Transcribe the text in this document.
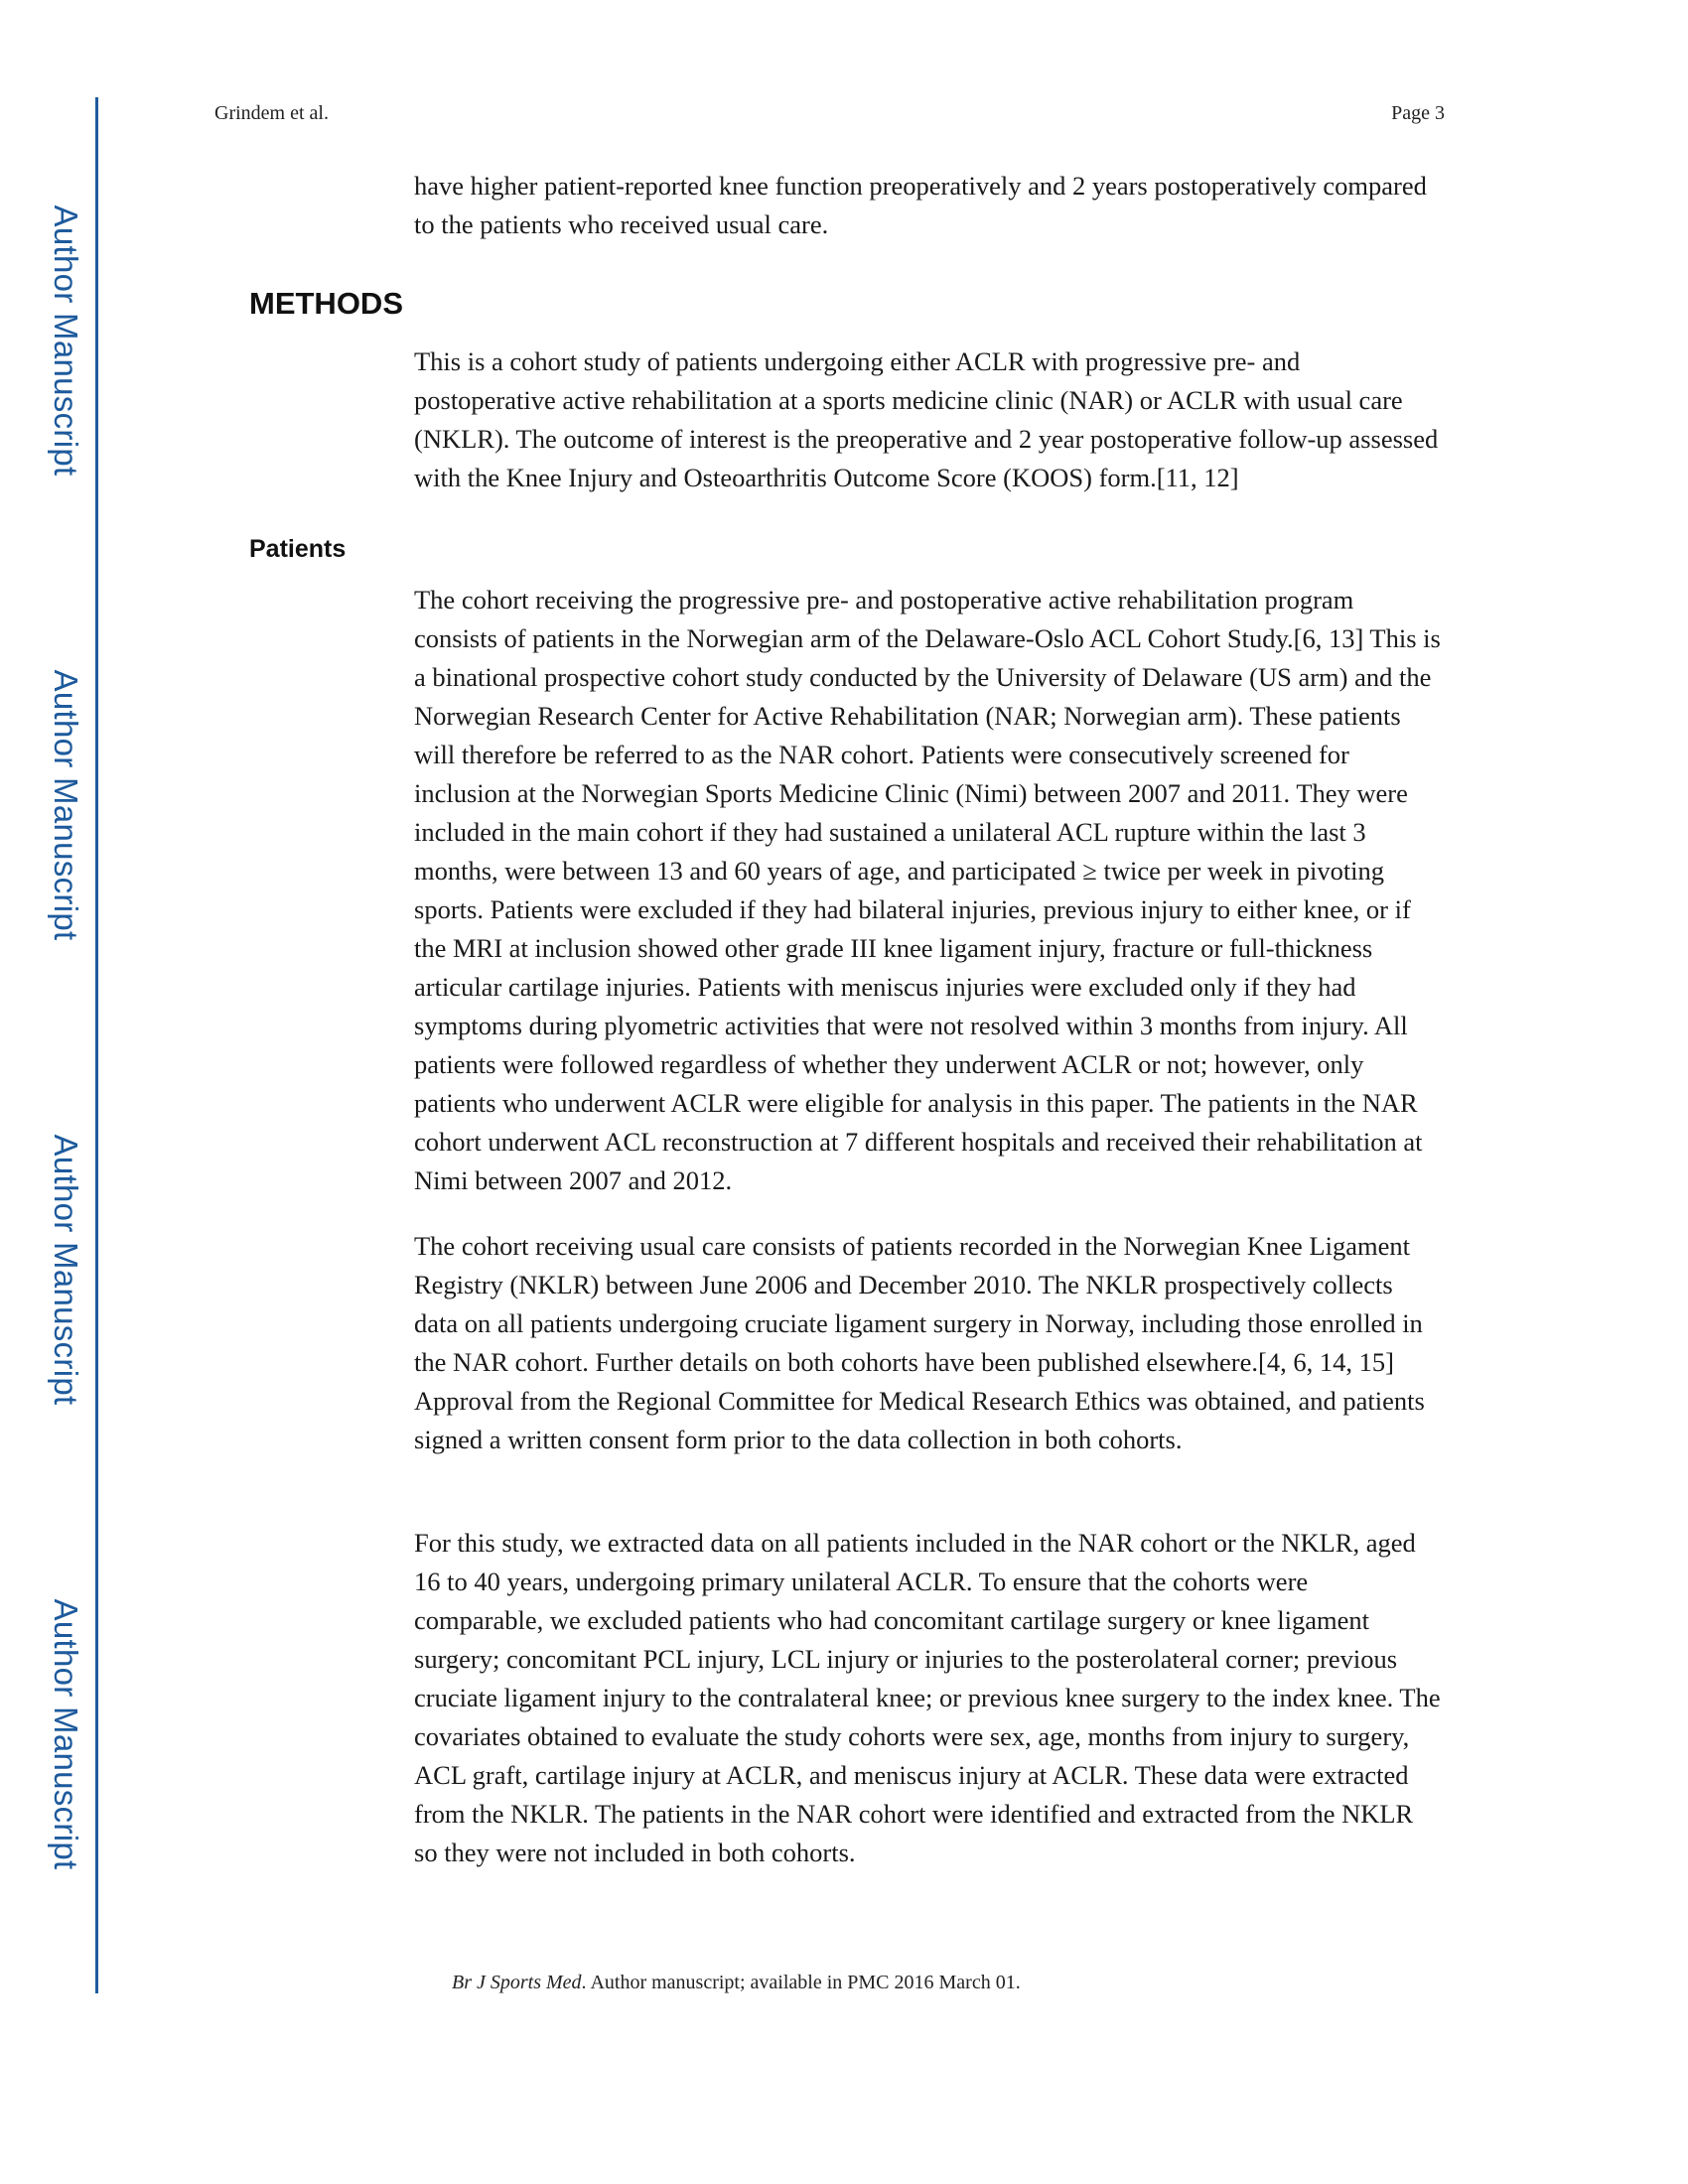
Author Manuscript
Author Manuscript
Author Manuscript
Author Manuscript
Grindem et al.	Page 3

have higher patient-reported knee function preoperatively and 2 years postoperatively compared to the patients who received usual care.

METHODS

This is a cohort study of patients undergoing either ACLR with progressive pre- and postoperative active rehabilitation at a sports medicine clinic (NAR) or ACLR with usual care (NKLR). The outcome of interest is the preoperative and 2 year postoperative follow-up assessed with the Knee Injury and Osteoarthritis Outcome Score (KOOS) form.[11, 12]

Patients

The cohort receiving the progressive pre- and postoperative active rehabilitation program consists of patients in the Norwegian arm of the Delaware-Oslo ACL Cohort Study.[6, 13] This is a binational prospective cohort study conducted by the University of Delaware (US arm) and the Norwegian Research Center for Active Rehabilitation (NAR; Norwegian arm). These patients will therefore be referred to as the NAR cohort. Patients were consecutively screened for inclusion at the Norwegian Sports Medicine Clinic (Nimi) between 2007 and 2011. They were included in the main cohort if they had sustained a unilateral ACL rupture within the last 3 months, were between 13 and 60 years of age, and participated ≥ twice per week in pivoting sports. Patients were excluded if they had bilateral injuries, previous injury to either knee, or if the MRI at inclusion showed other grade III knee ligament injury, fracture or full-thickness articular cartilage injuries. Patients with meniscus injuries were excluded only if they had symptoms during plyometric activities that were not resolved within 3 months from injury. All patients were followed regardless of whether they underwent ACLR or not; however, only patients who underwent ACLR were eligible for analysis in this paper. The patients in the NAR cohort underwent ACL reconstruction at 7 different hospitals and received their rehabilitation at Nimi between 2007 and 2012.

The cohort receiving usual care consists of patients recorded in the Norwegian Knee Ligament Registry (NKLR) between June 2006 and December 2010. The NKLR prospectively collects data on all patients undergoing cruciate ligament surgery in Norway, including those enrolled in the NAR cohort. Further details on both cohorts have been published elsewhere.[4, 6, 14, 15] Approval from the Regional Committee for Medical Research Ethics was obtained, and patients signed a written consent form prior to the data collection in both cohorts.

For this study, we extracted data on all patients included in the NAR cohort or the NKLR, aged 16 to 40 years, undergoing primary unilateral ACLR. To ensure that the cohorts were comparable, we excluded patients who had concomitant cartilage surgery or knee ligament surgery; concomitant PCL injury, LCL injury or injuries to the posterolateral corner; previous cruciate ligament injury to the contralateral knee; or previous knee surgery to the index knee. The covariates obtained to evaluate the study cohorts were sex, age, months from injury to surgery, ACL graft, cartilage injury at ACLR, and meniscus injury at ACLR. These data were extracted from the NKLR. The patients in the NAR cohort were identified and extracted from the NKLR so they were not included in both cohorts.

Br J Sports Med. Author manuscript; available in PMC 2016 March 01.
